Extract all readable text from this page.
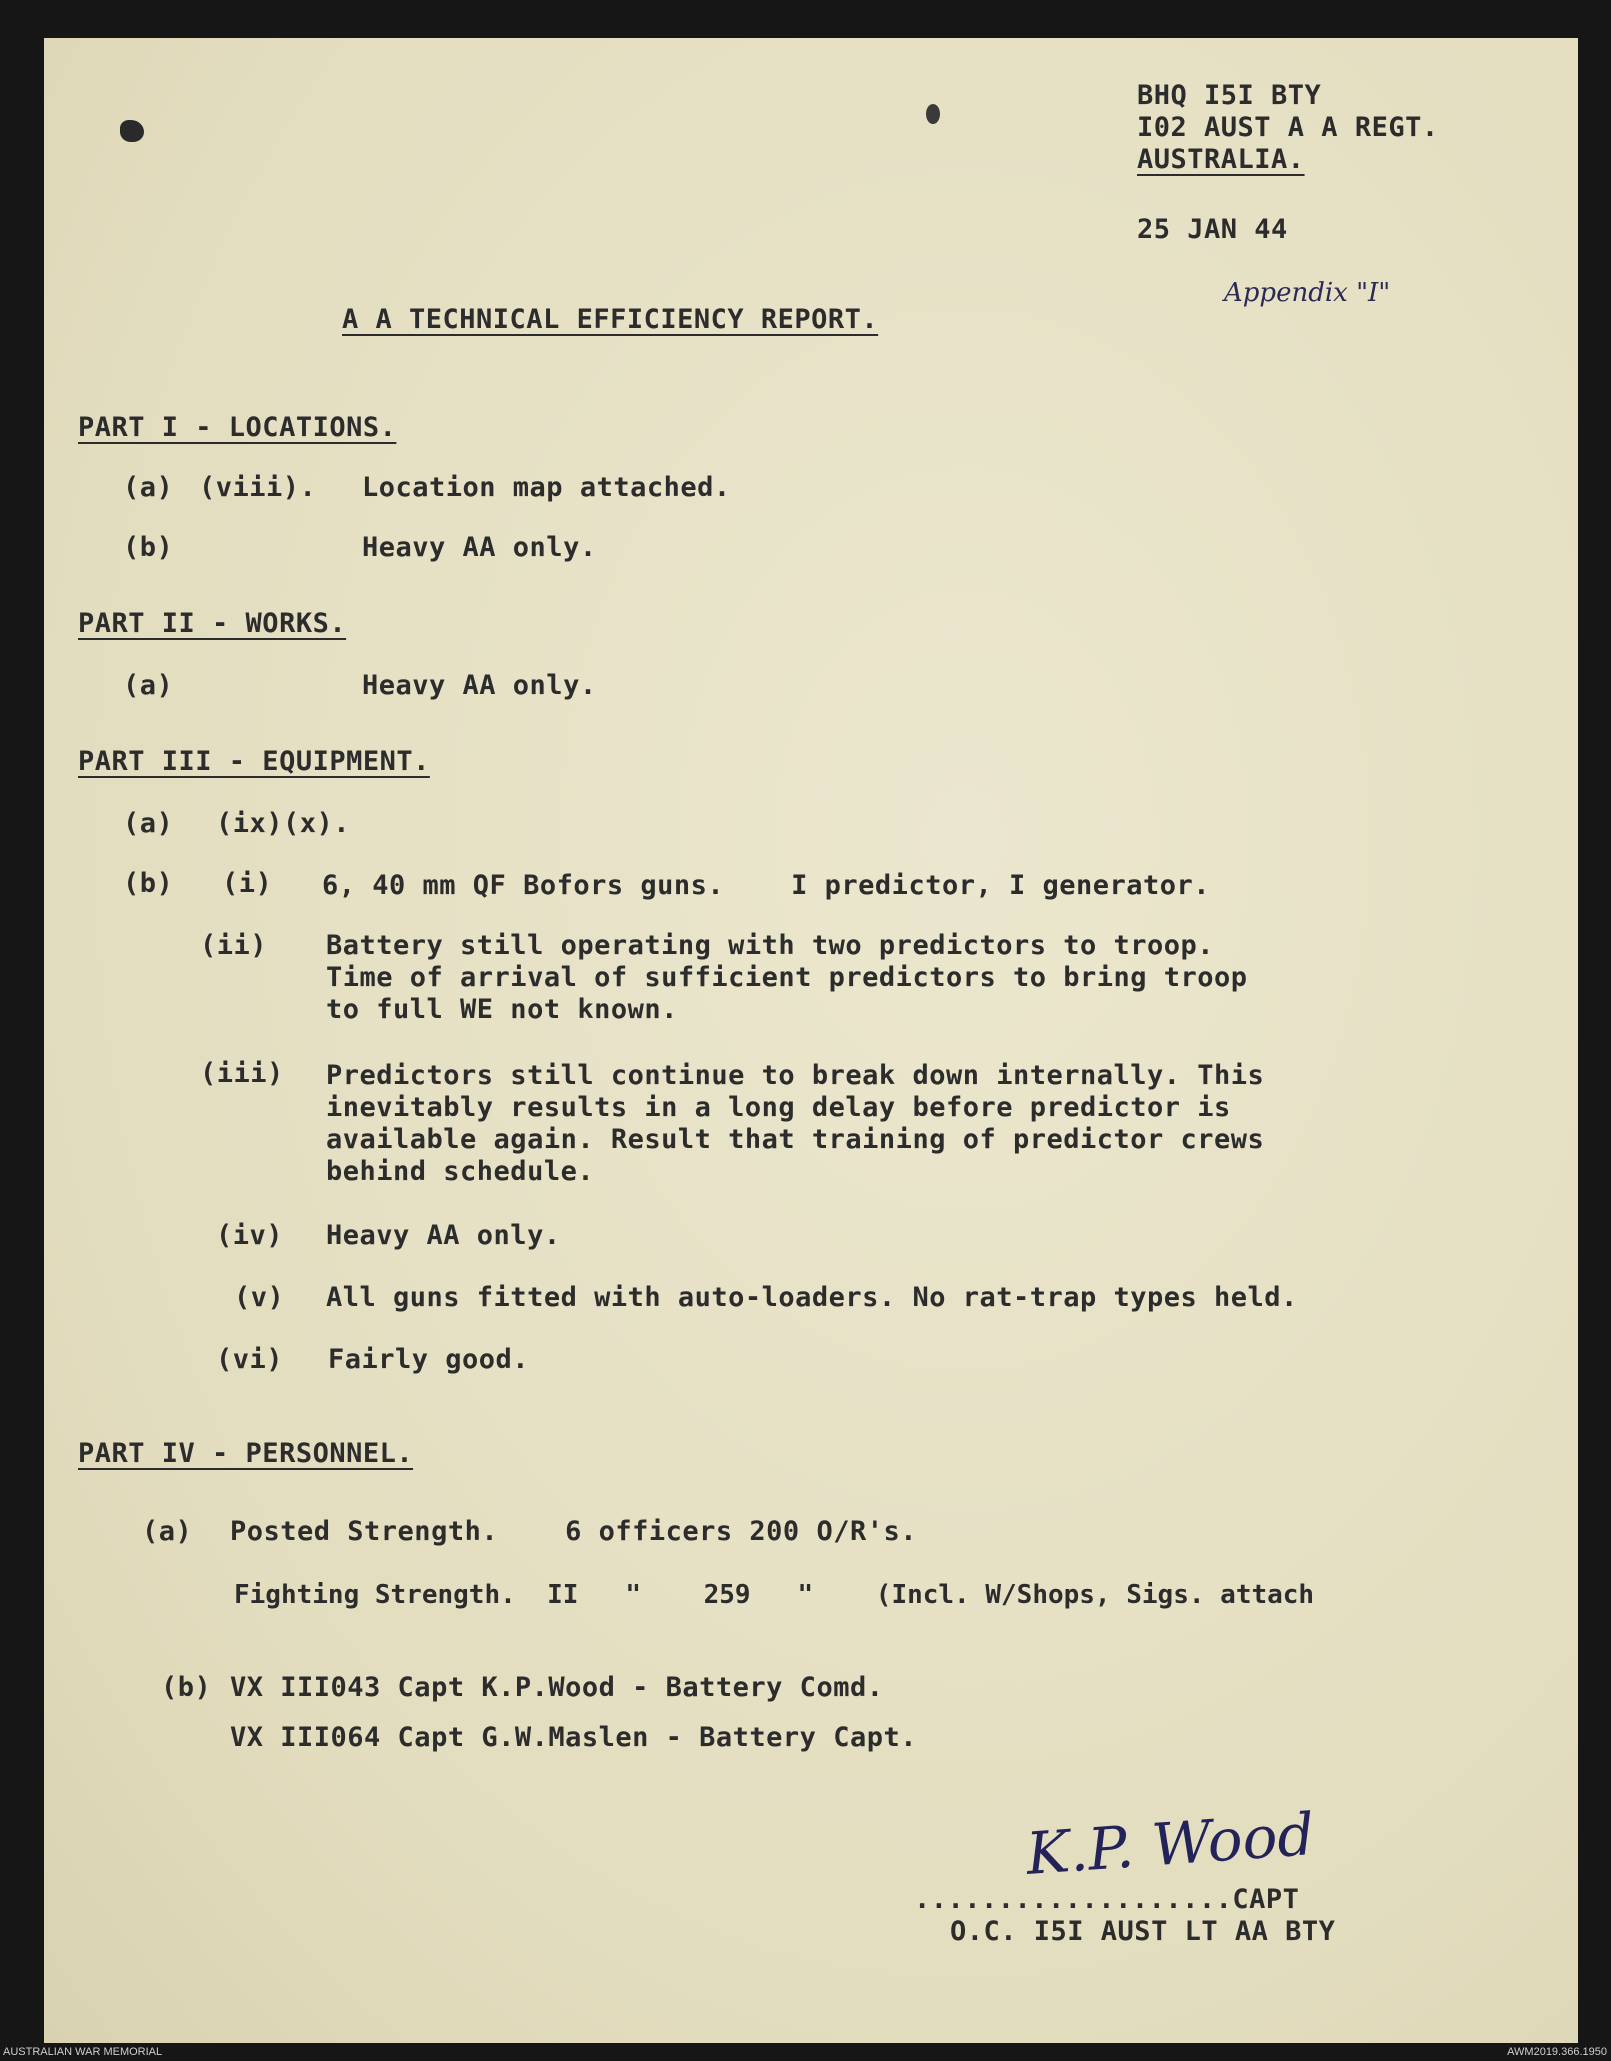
BHQ I5I BTY
I02 AUST A A REGT.
AUSTRALIA.
25 JAN 44
Appendix "I"
A A TECHNICAL EFFICIENCY REPORT.
PART I - LOCATIONS.
(a) (viii). Location map attached.
(b)	Heavy AA only.
PART II - WORKS.
(a)	Heavy AA only.
PART III - EQUIPMENT.
(a) (ix)(x).
(b) (i) 6, 40 mm QF Bofors guns.    I predictor, I generator.
(ii) Battery still operating with two predictors to troop.
Time of arrival of sufficient predictors to bring troop
to full WE not known.
(iii) Predictors still continue to break down internally. This
inevitably results in a long delay before predictor is
available again. Result that training of predictor crews
behind schedule.
(iv) Heavy AA only.
(v) All guns fitted with auto-loaders. No rat-trap types held.
(vi) Fairly good.
PART IV - PERSONNEL.
(a) Posted Strength.    6 officers 200 O/R's.
Fighting Strength.  II   "    259   "    (Incl. W/Shops, Sigs. attach
(b) VX III043 Capt K.P.Wood - Battery Comd.
VX III064 Capt G.W.Maslen - Battery Capt.
K.P. Wood
...................CAPT
O.C. I5I AUST LT AA BTY
AUSTRALIAN WAR MEMORIAL	AWM2019.366.1950
